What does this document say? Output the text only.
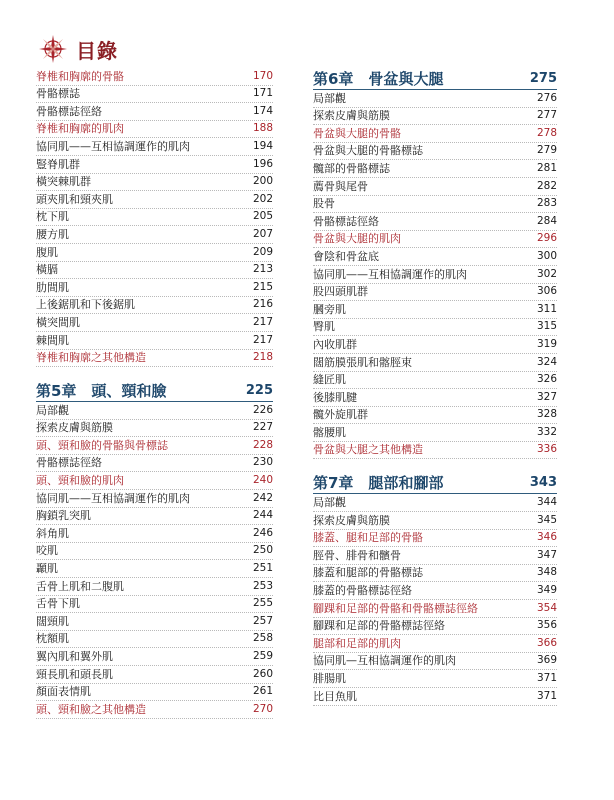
目錄
脊椎和胸廓的骨骼	170
骨骼標誌	171
骨骼標誌徑絡	174
脊椎和胸廓的肌肉	188
協同肌——互相協調運作的肌肉	194
豎脊肌群	196
橫突棘肌群	200
頭夾肌和頸夾肌	202
枕下肌	205
腰方肌	207
腹肌	209
橫膈	213
肋間肌	215
上後鋸肌和下後鋸肌	216
橫突間肌	217
棘間肌	217
脊椎和胸廓之其他構造	218
第5章　頭、頸和臉	225
局部觀	226
探索皮膚與筋膜	227
頭、頸和臉的骨骼與骨標誌	228
骨骼標誌徑絡	230
頭、頸和臉的肌肉	240
協同肌——互相協調運作的肌肉	242
胸鎖乳突肌	244
斜角肌	246
咬肌	250
顳肌	251
舌骨上肌和二腹肌	253
舌骨下肌	255
闊頸肌	257
枕額肌	258
翼內肌和翼外肌	259
頸長肌和頭長肌	260
顏面表情肌	261
頭、頸和臉之其他構造	270
第6章　骨盆與大腿	275
局部觀	276
探索皮膚與筋膜	277
骨盆與大腿的骨骼	278
骨盆與大腿的骨骼標誌	279
髖部的骨骼標誌	281
薦骨與尾骨	282
股骨	283
骨骼標誌徑絡	284
骨盆與大腿的肌肉	296
會陰和骨盆底	300
協同肌——互相協調運作的肌肉	302
股四頭肌群	306
膕旁肌	311
臀肌	315
內收肌群	319
闊筋膜張肌和髂脛束	324
縫匠肌	326
後膝肌腱	327
髖外旋肌群	328
髂腰肌	332
骨盆與大腿之其他構造	336
第7章　腿部和腳部	343
局部觀	344
探索皮膚與筋膜	345
膝蓋、腿和足部的骨骼	346
脛骨、腓骨和髕骨	347
膝蓋和腿部的骨骼標誌	348
膝蓋的骨骼標誌徑絡	349
腳踝和足部的骨骼和骨骼標誌徑絡	354
腳踝和足部的骨骼標誌徑絡	356
腿部和足部的肌肉	366
協同肌—互相協調運作的肌肉	369
腓腸肌	371
比目魚肌	371
